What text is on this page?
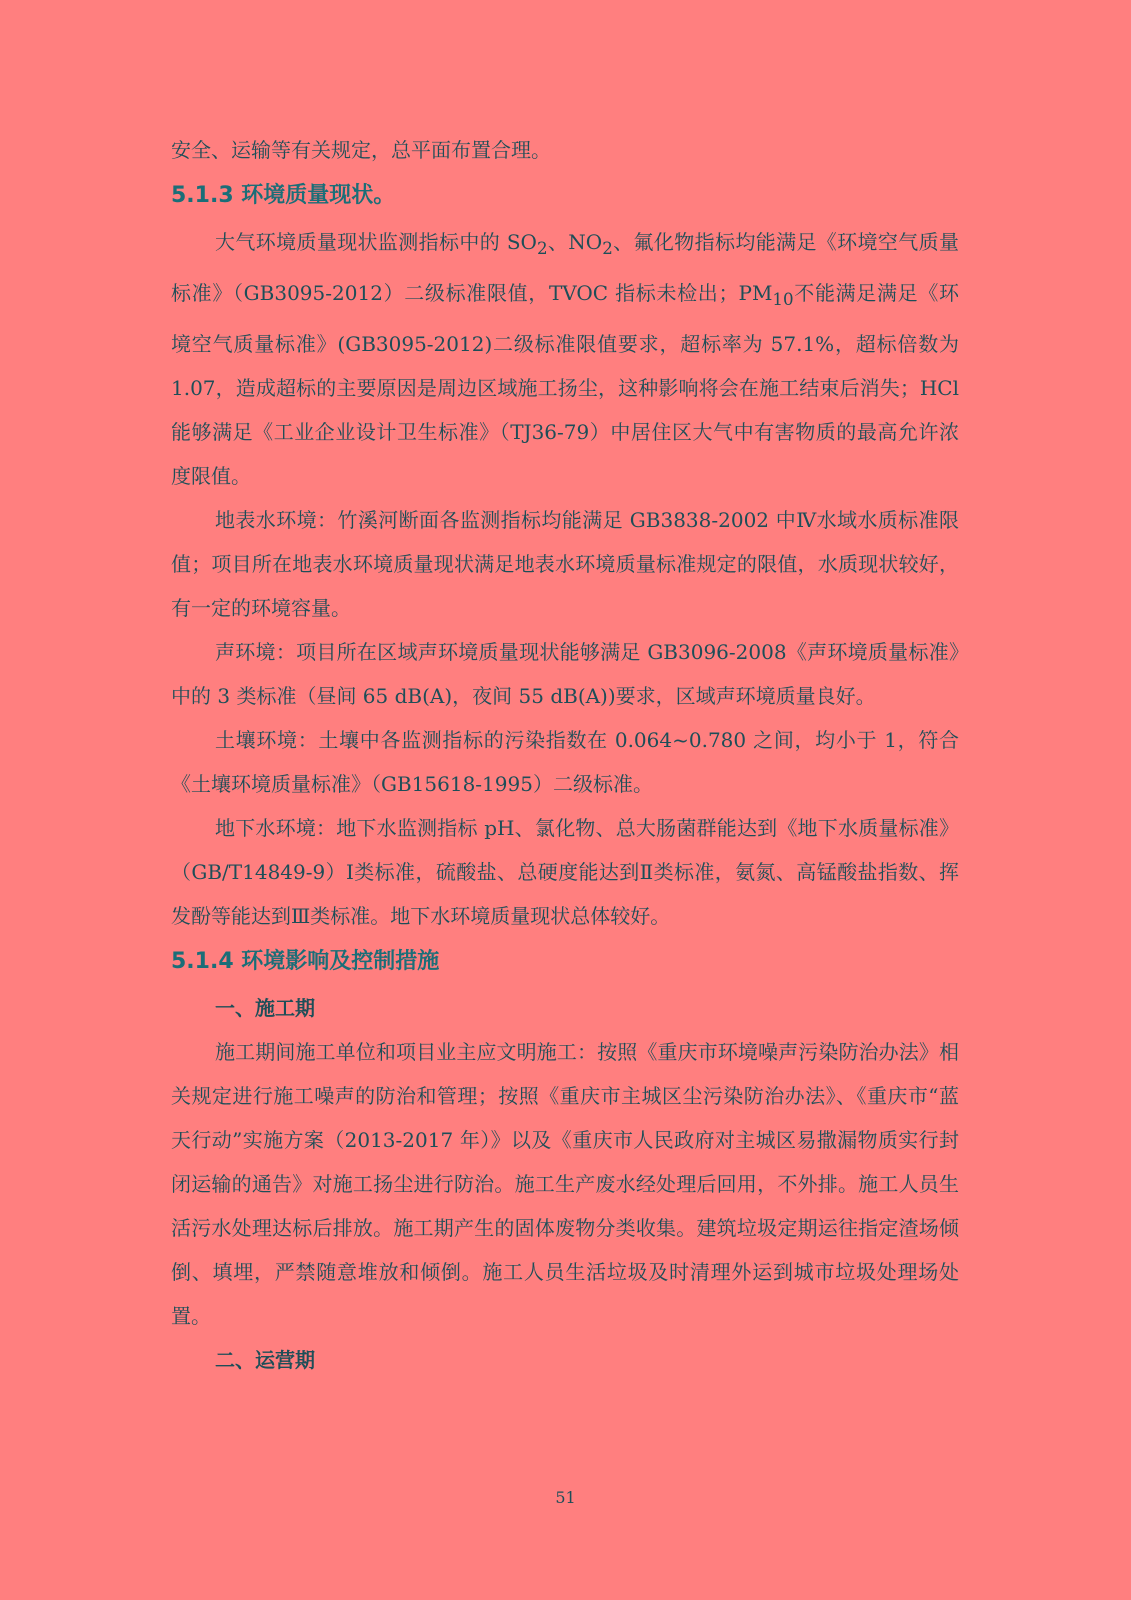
安全、运输等有关规定，总平面布置合理。

5.1.3 环境质量现状。

大气环境质量现状监测指标中的 $SO_2$、$NO_2$、氟化物指标均能满足《环境空气质量标准》（GB3095-2012）二级标准限值，TVOC 指标未检出；$PM_{10}$不能满足满足《环境空气质量标准》(GB3095-2012)二级标准限值要求，超标率为 57.1%，超标倍数为 1.07，造成超标的主要原因是周边区域施工扬尘，这种影响将会在施工结束后消失；HCl 能够满足《工业企业设计卫生标准》（TJ36-79）中居住区大气中有害物质的最高允许浓度限值。

地表水环境：竹溪河断面各监测指标均能满足 GB3838-2002 中Ⅳ水域水质标准限值；项目所在地表水环境质量现状满足地表水环境质量标准规定的限值，水质现状较好，有一定的环境容量。

声环境：项目所在区域声环境质量现状能够满足 GB3096-2008《声环境质量标准》中的 3 类标准（昼间 65 dB(A)，夜间 55 dB(A))要求，区域声环境质量良好。

土壤环境：土壤中各监测指标的污染指数在 0.064~0.780 之间，均小于 1，符合《土壤环境质量标准》（GB15618-1995）二级标准。

地下水环境：地下水监测指标 pH、氯化物、总大肠菌群能达到《地下水质量标准》（GB/T14849-9）Ⅰ类标准，硫酸盐、总硬度能达到Ⅱ类标准，氨氮、高锰酸盐指数、挥发酚等能达到Ⅲ类标准。地下水环境质量现状总体较好。

5.1.4 环境影响及控制措施
一、施工期

施工期间施工单位和项目业主应文明施工：按照《重庆市环境噪声污染防治办法》相关规定进行施工噪声的防治和管理；按照《重庆市主城区尘污染防治办法》、《重庆市“蓝天行动”实施方案（2013-2017 年）》以及《重庆市人民政府对主城区易撒漏物质实行封闭运输的通告》对施工扬尘进行防治。施工生产废水经处理后回用，不外排。施工人员生活污水处理达标后排放。施工期产生的固体废物分类收集。建筑垃圾定期运往指定渣场倾倒、填埋，严禁随意堆放和倾倒。施工人员生活垃圾及时清理外运到城市垃圾处理场处置。

二、运营期
51
